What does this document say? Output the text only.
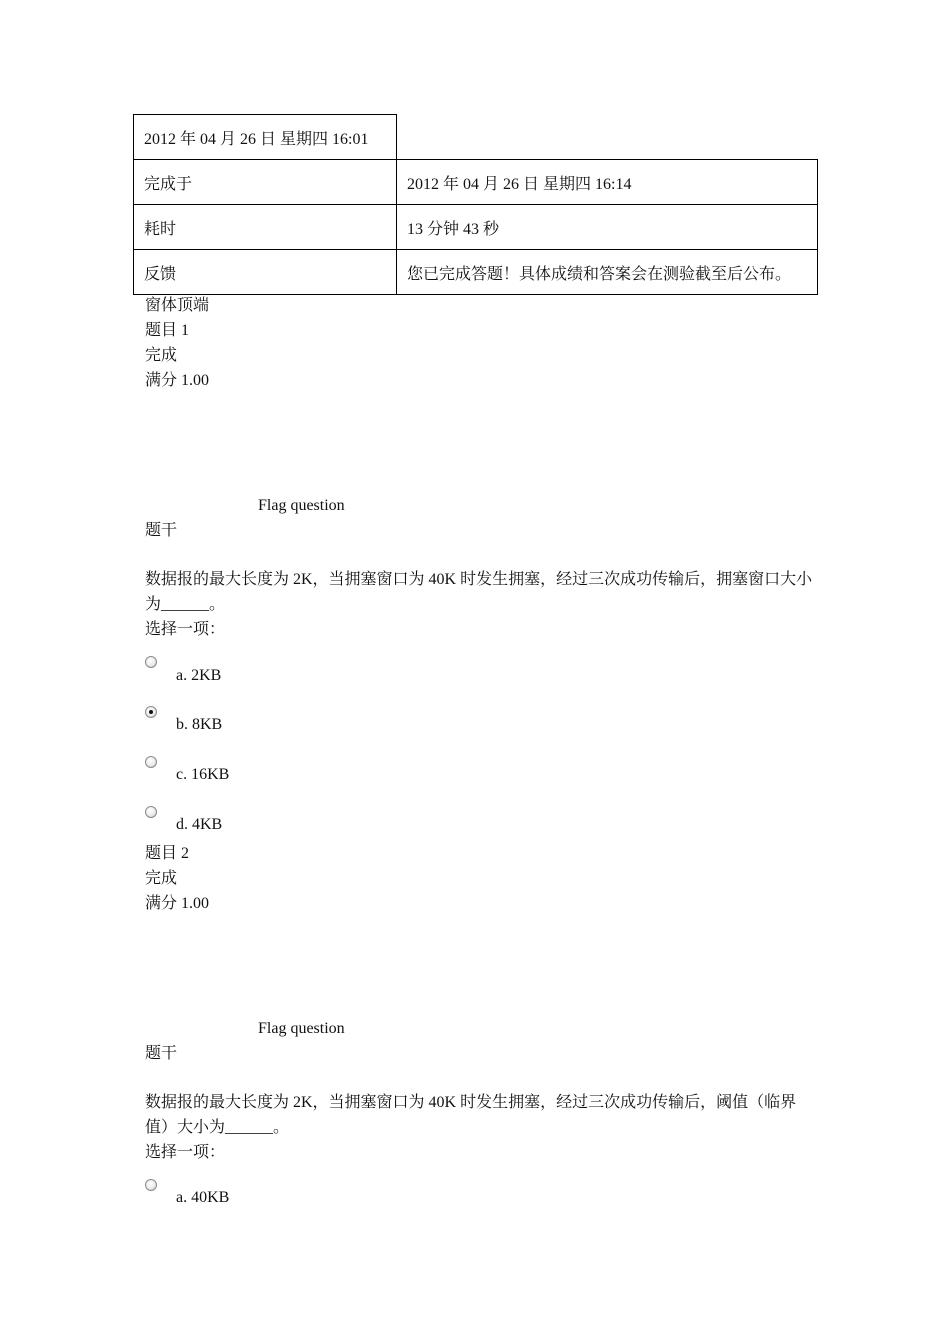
2012 年 04 月 26 日 星期四 16:01	
完成于	2012 年 04 月 26 日 星期四 16:14
耗时	13 分钟 43 秒
反馈	您已完成答题！具体成绩和答案会在测验截至后公布。
窗体顶端
题目 1
完成
满分 1.00
Flag question
题干
数据报的最大长度为 2K，当拥塞窗口为 40K 时发生拥塞，经过三次成功传输后，拥塞窗口大小为______。
选择一项：
a. 2KB
b. 8KB
c. 16KB
d. 4KB
题目 2
完成
满分 1.00
Flag question
题干
数据报的最大长度为 2K，当拥塞窗口为 40K 时发生拥塞，经过三次成功传输后，阈值（临界值）大小为______。
选择一项：
a. 40KB
